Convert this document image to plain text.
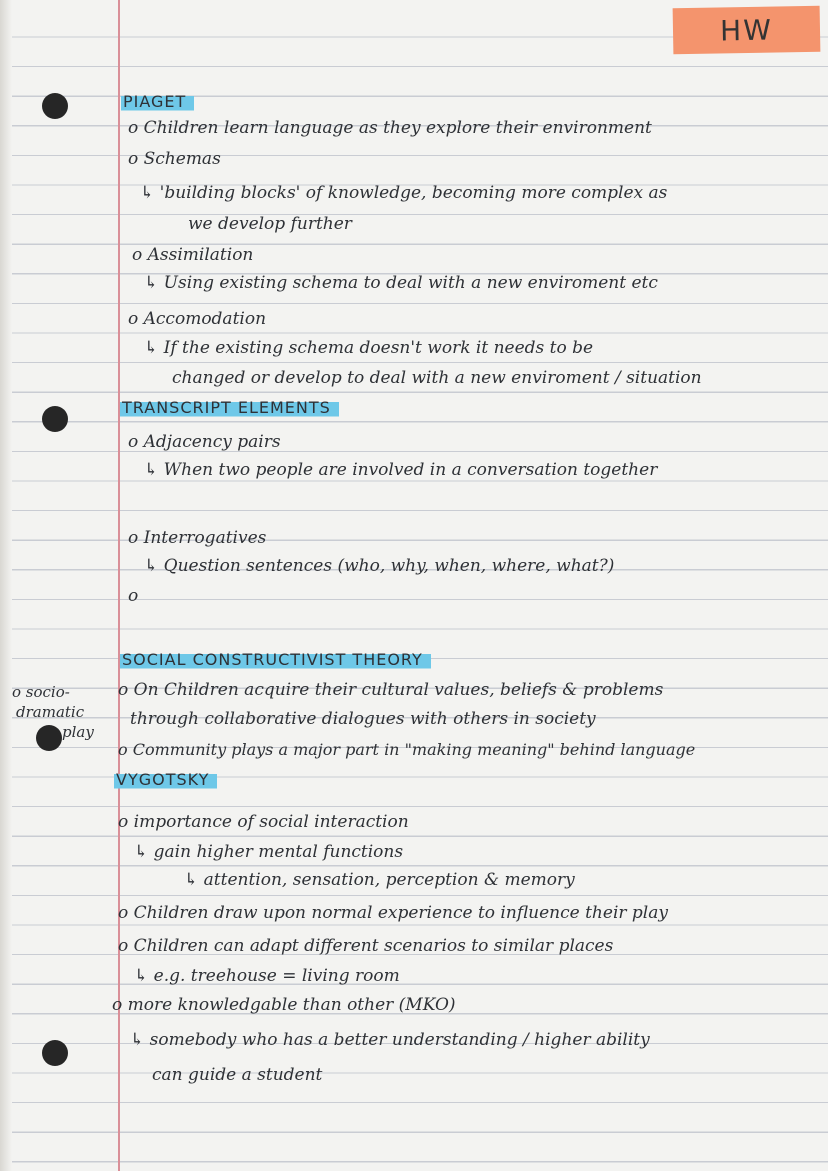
HW
PIAGET
o Children learn language as they explore their environment
o Schemas
↳ 'building blocks' of knowledge, becoming more complex as
we develop further
o Assimilation
↳ Using existing schema to deal with a new enviroment etc
o Accomodation
↳ If the existing schema doesn't work it needs to be
changed or develop to deal with a new enviroment / situation
TRANSCRIPT ELEMENTS
o Adjacency pairs
↳ When two people are involved in a conversation together
o Interrogatives
↳ Question sentences (who, why, when, where, what?)
o
SOCIAL CONSTRUCTIVIST THEORY
o socio-
dramatic
play
o On Children acquire their cultural values, beliefs & problems
through collaborative dialogues with others in society
o Community plays a major part in "making meaning" behind language
VYGOTSKY
o importance of social interaction
↳ gain higher mental functions
↳ attention, sensation, perception & memory
o Children draw upon normal experience to influence their play
o Children can adapt different scenarios to similar places
↳ e.g. treehouse = living room
o more knowledgable than other (MKO)
↳ somebody who has a better understanding / higher ability
can guide a student
